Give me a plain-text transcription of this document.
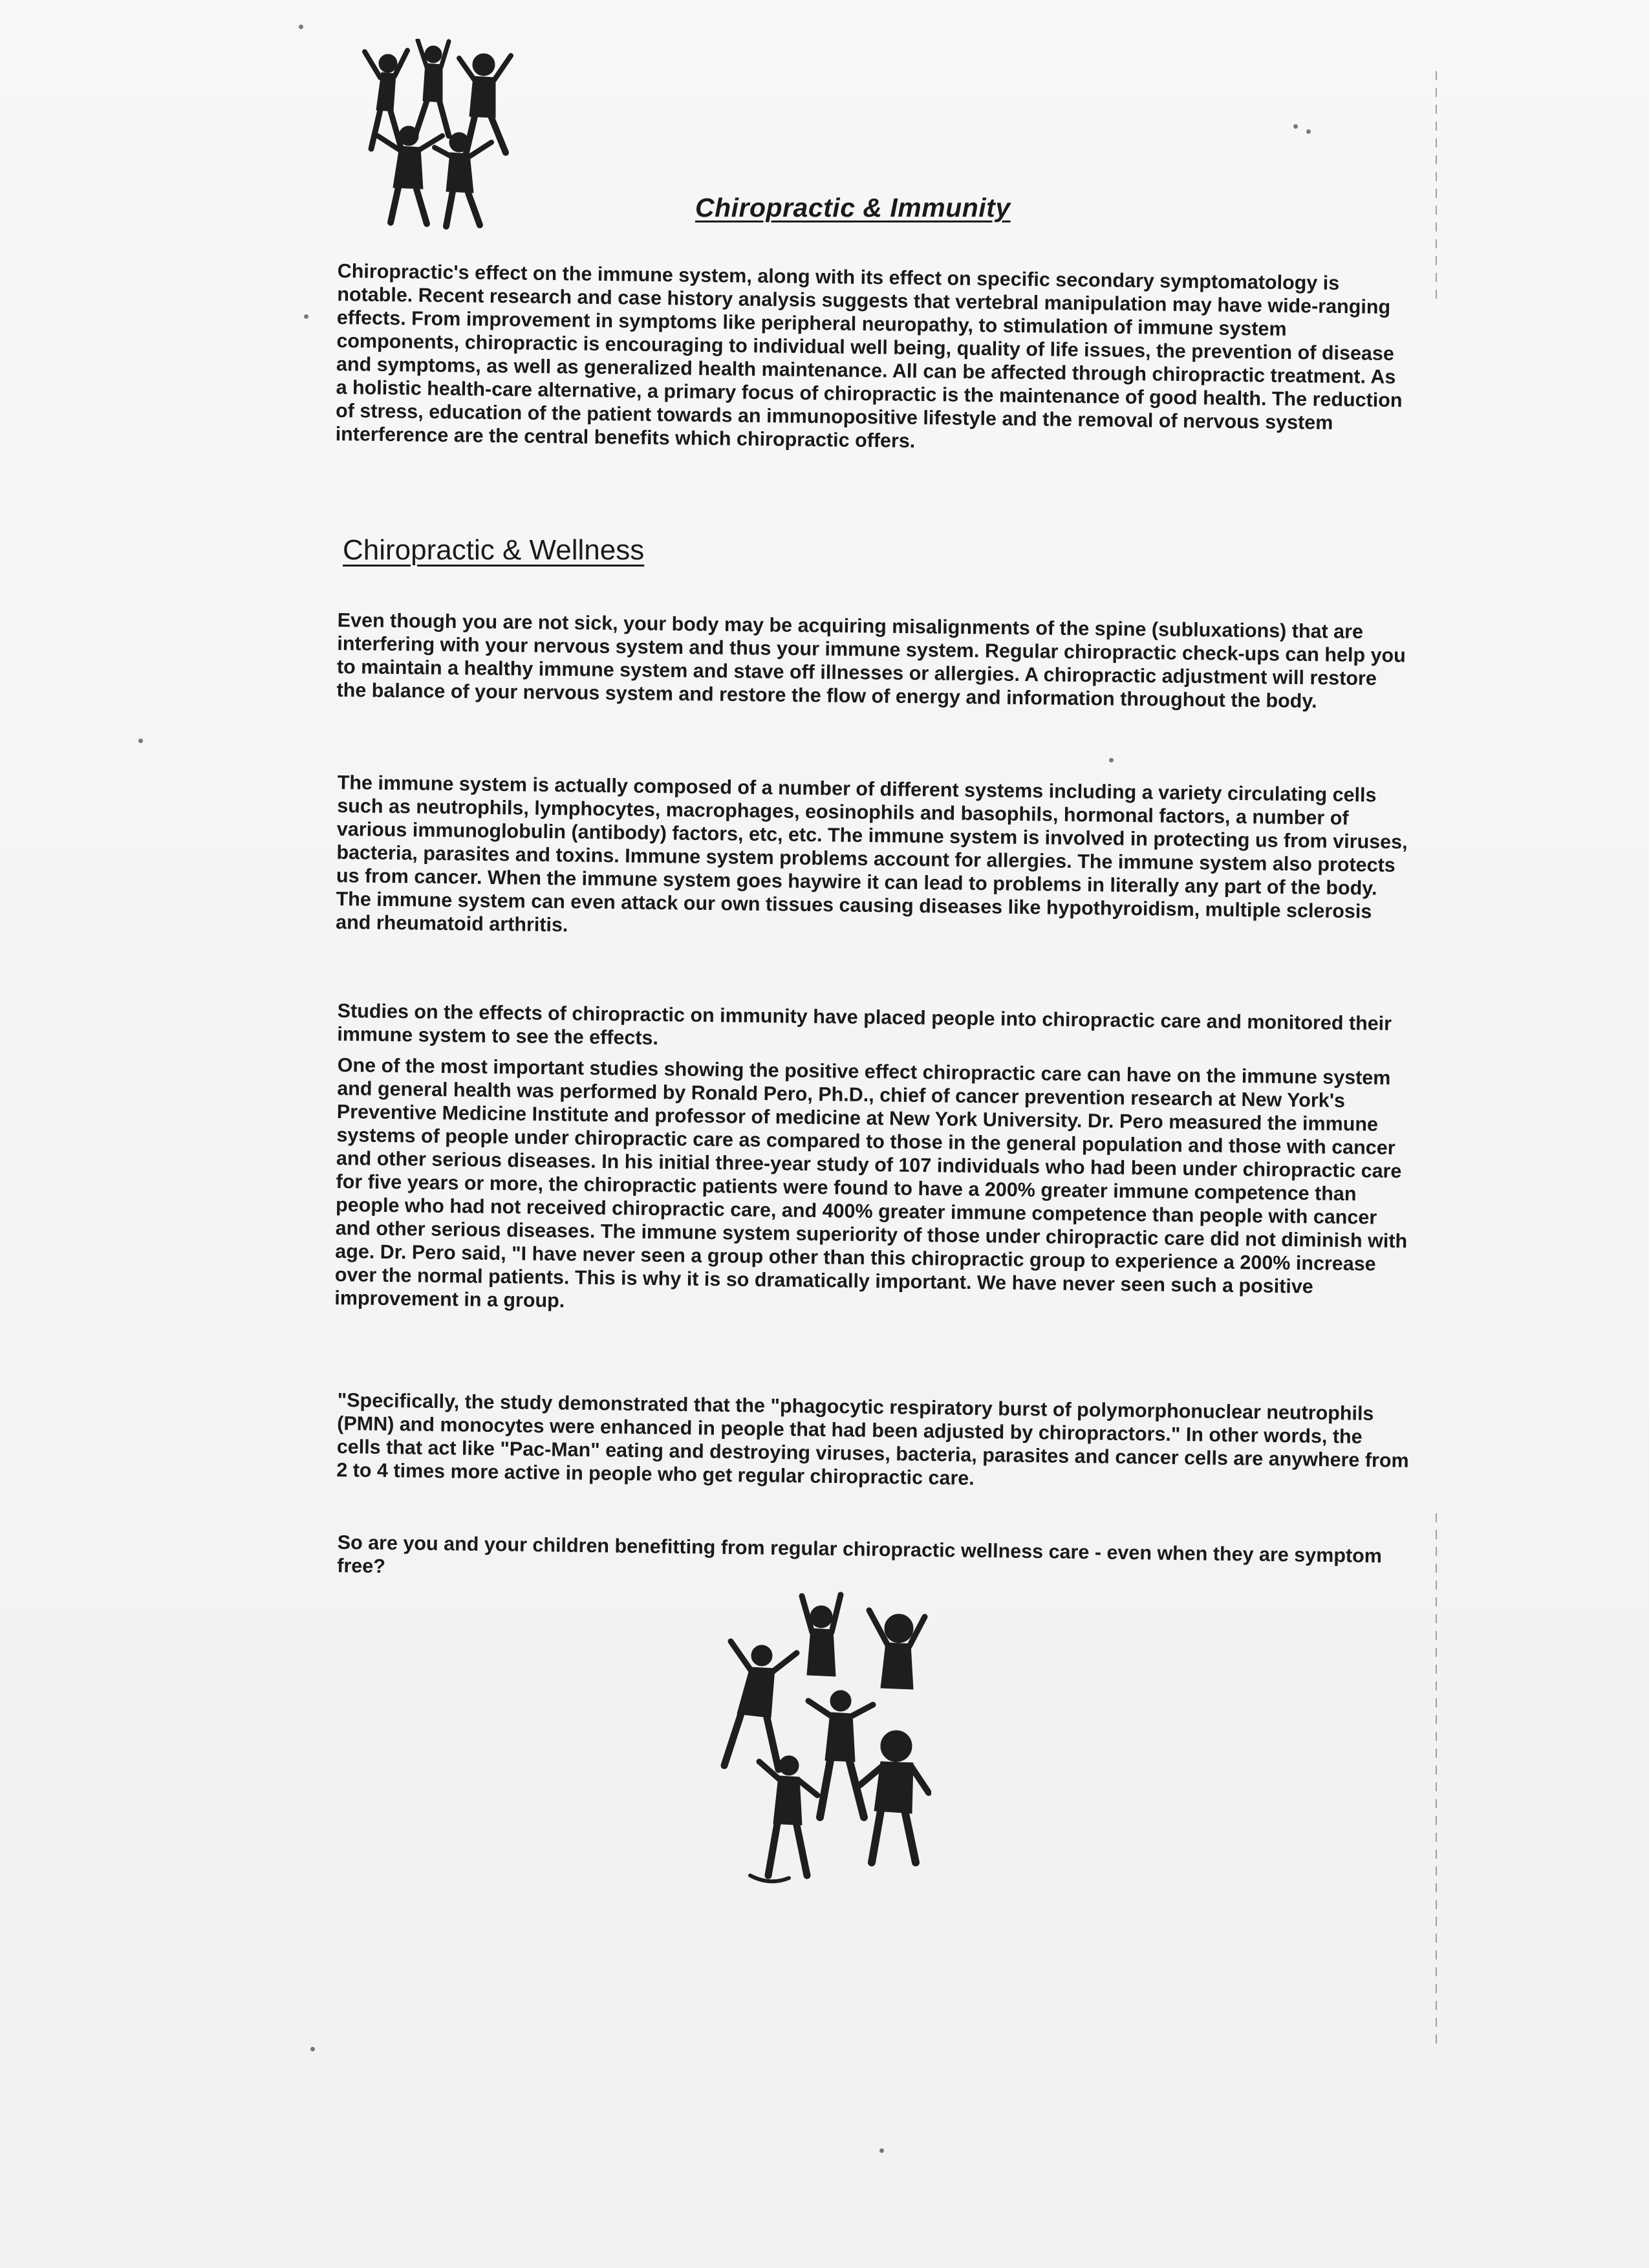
Chiropractic & Immunity

Chiropractic's effect on the immune system, along with its effect on specific secondary symptomatology is notable. Recent research and case history analysis suggests that vertebral manipulation may have wide-ranging effects. From improvement in symptoms like peripheral neuropathy, to stimulation of immune system components, chiropractic is encouraging to individual well being, quality of life issues, the prevention of disease and symptoms, as well as generalized health maintenance. All can be affected through chiropractic treatment. As a holistic health-care alternative, a primary focus of chiropractic is the maintenance of good health. The reduction of stress, education of the patient towards an immunopositive lifestyle and the removal of nervous system interference are the central benefits which chiropractic offers.

Chiropractic & Wellness

Even though you are not sick, your body may be acquiring misalignments of the spine (subluxations) that are interfering with your nervous system and thus your immune system. Regular chiropractic check-ups can help you to maintain a healthy immune system and stave off illnesses or allergies. A chiropractic adjustment will restore the balance of your nervous system and restore the flow of energy and information throughout the body.

The immune system is actually composed of a number of different systems including a variety circulating cells such as neutrophils, lymphocytes, macrophages, eosinophils and basophils, hormonal factors, a number of various immunoglobulin (antibody) factors, etc, etc. The immune system is involved in protecting us from viruses, bacteria, parasites and toxins. Immune system problems account for allergies. The immune system also protects us from cancer. When the immune system goes haywire it can lead to problems in literally any part of the body. The immune system can even attack our own tissues causing diseases like hypothyroidism, multiple sclerosis and rheumatoid arthritis.

Studies on the effects of chiropractic on immunity have placed people into chiropractic care and monitored their immune system to see the effects.

One of the most important studies showing the positive effect chiropractic care can have on the immune system and general health was performed by Ronald Pero, Ph.D., chief of cancer prevention research at New York's Preventive Medicine Institute and professor of medicine at New York University. Dr. Pero measured the immune systems of people under chiropractic care as compared to those in the general population and those with cancer and other serious diseases. In his initial three-year study of 107 individuals who had been under chiropractic care for five years or more, the chiropractic patients were found to have a 200% greater immune competence than people who had not received chiropractic care, and 400% greater immune competence than people with cancer and other serious diseases. The immune system superiority of those under chiropractic care did not diminish with age. Dr. Pero said, "I have never seen a group other than this chiropractic group to experience a 200% increase over the normal patients. This is why it is so dramatically important. We have never seen such a positive improvement in a group.

"Specifically, the study demonstrated that the "phagocytic respiratory burst of polymorphonuclear neutrophils (PMN) and monocytes were enhanced in people that had been adjusted by chiropractors." In other words, the cells that act like "Pac-Man" eating and destroying viruses, bacteria, parasites and cancer cells are anywhere from 2 to 4 times more active in people who get regular chiropractic care.

So are you and your children benefitting from regular chiropractic wellness care - even when they are symptom free?
